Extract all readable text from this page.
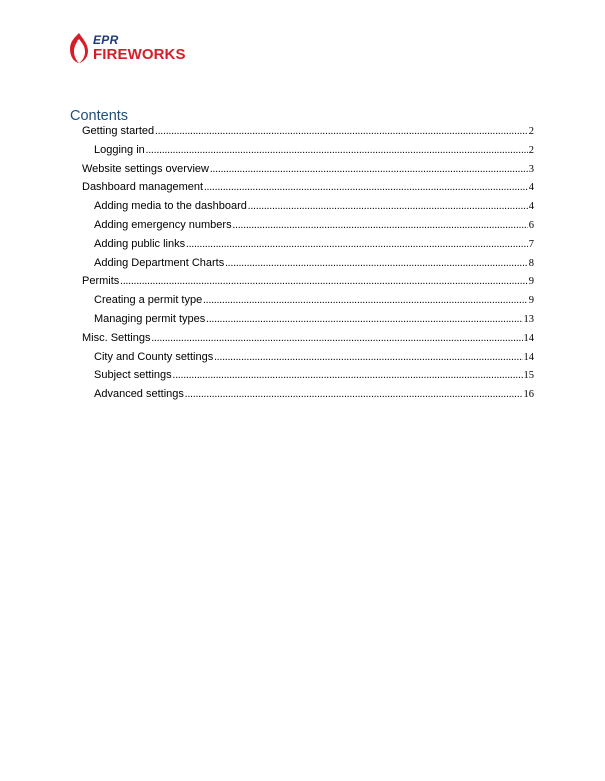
EPR
FIREWORKS
Contents
Getting started .....	2
Logging in .....	2
Website settings overview .....	3
Dashboard management .....	4
Adding media to the dashboard .....	4
Adding emergency numbers .....	6
Adding public links .....	7
Adding Department Charts .....	8
Permits .....	9
Creating a permit type .....	9
Managing permit types .....	13
Misc. Settings .....	14
City and County settings .....	14
Subject settings .....	15
Advanced settings .....	16
